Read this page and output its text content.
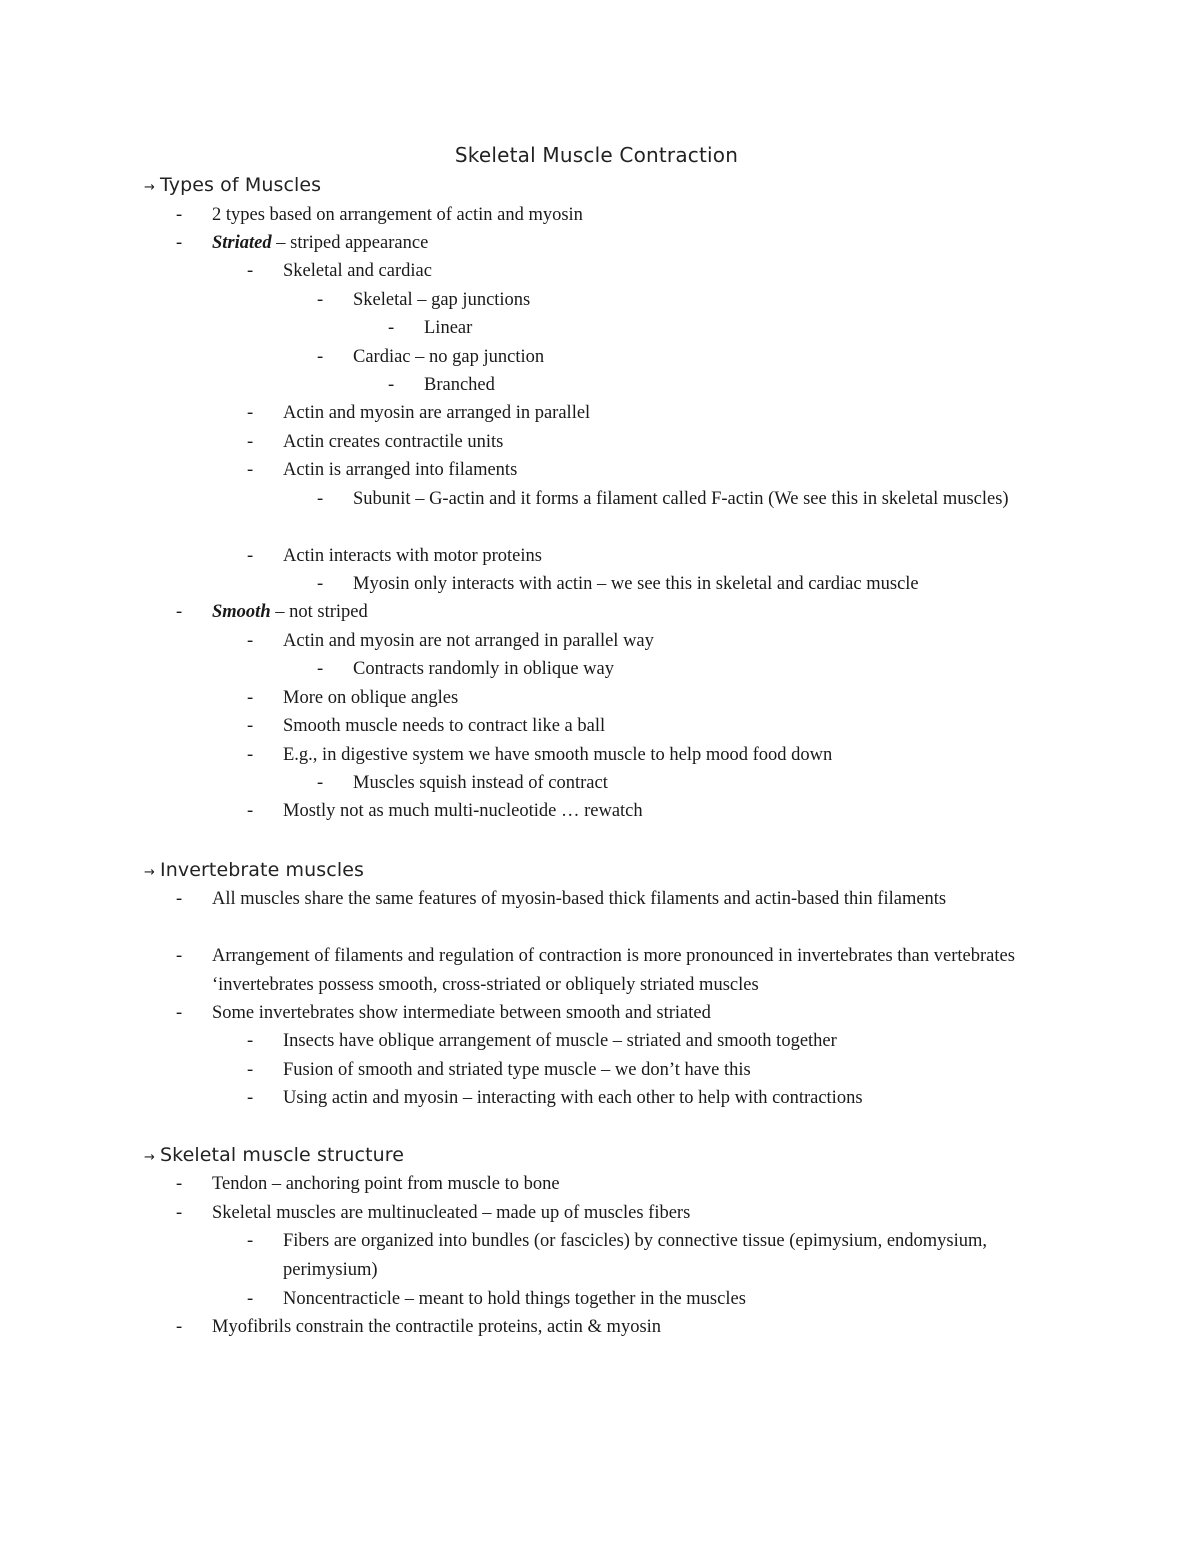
Skeletal Muscle Contraction
→ Types of Muscles
- 2 types based on arrangement of actin and myosin
- Striated – striped appearance
- Skeletal and cardiac
- Skeletal – gap junctions
- Linear
- Cardiac – no gap junction
- Branched
- Actin and myosin are arranged in parallel
- Actin creates contractile units
- Actin is arranged into filaments
- Subunit – G-actin and it forms a filament called F-actin (We see this in skeletal muscles)
- Actin interacts with motor proteins
- Myosin only interacts with actin – we see this in skeletal and cardiac muscle
- Smooth – not striped
- Actin and myosin are not arranged in parallel way
- Contracts randomly in oblique way
- More on oblique angles
- Smooth muscle needs to contract like a ball
- E.g., in digestive system we have smooth muscle to help mood food down
- Muscles squish instead of contract
- Mostly not as much multi-nucleotide … rewatch
→ Invertebrate muscles
- All muscles share the same features of myosin-based thick filaments and actin-based thin filaments
- Arrangement of filaments and regulation of contraction is more pronounced in invertebrates than vertebrates ‘invertebrates possess smooth, cross-striated or obliquely striated muscles
- Some invertebrates show intermediate between smooth and striated
- Insects have oblique arrangement of muscle – striated and smooth together
- Fusion of smooth and striated type muscle – we don’t have this
- Using actin and myosin – interacting with each other to help with contractions
→ Skeletal muscle structure
- Tendon – anchoring point from muscle to bone
- Skeletal muscles are multinucleated – made up of muscles fibers
- Fibers are organized into bundles (or fascicles) by connective tissue (epimysium, endomysium, perimysium)
- Noncentracticle – meant to hold things together in the muscles
- Myofibrils constrain the contractile proteins, actin & myosin
